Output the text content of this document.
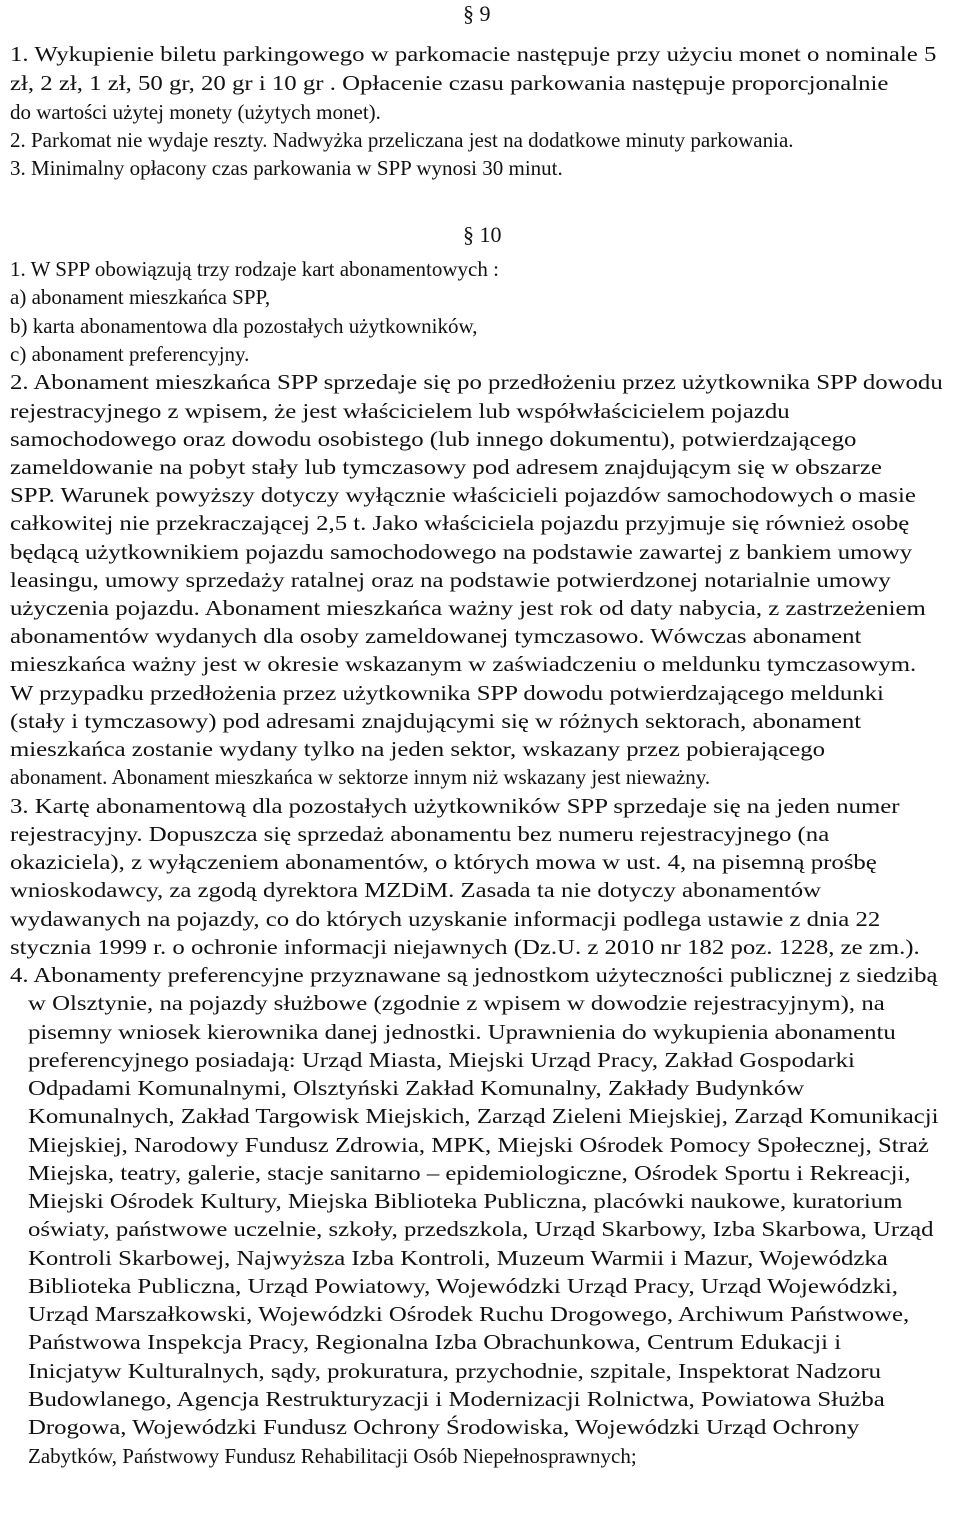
§ 9
§ 10
1. Wykupienie biletu parkingowego w parkomacie następuje przy użyciu monet o nominale 5
zł, 2 zł, 1 zł, 50 gr, 20 gr i 10 gr . Opłacenie czasu parkowania następuje proporcjonalnie
do wartości użytej monety (użytych monet).
2. Parkomat nie wydaje reszty. Nadwyżka przeliczana jest na dodatkowe minuty parkowania.
3. Minimalny opłacony czas parkowania w SPP wynosi 30 minut.
1. W SPP obowiązują trzy rodzaje kart abonamentowych :
a) abonament mieszkańca SPP,
b) karta abonamentowa dla pozostałych użytkowników,
c) abonament preferencyjny.
2. Abonament mieszkańca SPP sprzedaje się po przedłożeniu przez użytkownika SPP dowodu
rejestracyjnego z wpisem, że jest właścicielem lub współwłaścicielem pojazdu
samochodowego oraz dowodu osobistego (lub innego dokumentu), potwierdzającego
zameldowanie na pobyt stały lub tymczasowy pod adresem znajdującym się w obszarze
SPP. Warunek powyższy dotyczy wyłącznie właścicieli pojazdów samochodowych o masie
całkowitej nie przekraczającej 2,5 t. Jako właściciela pojazdu przyjmuje się również osobę
będącą użytkownikiem pojazdu samochodowego na podstawie zawartej z bankiem umowy
leasingu, umowy sprzedaży ratalnej oraz na podstawie potwierdzonej notarialnie umowy
użyczenia pojazdu. Abonament mieszkańca ważny jest rok od daty nabycia, z zastrzeżeniem
abonamentów wydanych dla osoby zameldowanej tymczasowo. Wówczas abonament
mieszkańca ważny jest w okresie wskazanym w zaświadczeniu o meldunku tymczasowym.
W przypadku przedłożenia przez użytkownika SPP dowodu potwierdzającego meldunki
(stały i tymczasowy) pod adresami znajdującymi się w różnych sektorach, abonament
mieszkańca zostanie wydany tylko na jeden sektor, wskazany przez pobierającego
abonament. Abonament mieszkańca w sektorze innym niż wskazany jest nieważny.
3. Kartę abonamentową dla pozostałych użytkowników SPP sprzedaje się na jeden numer
rejestracyjny. Dopuszcza się sprzedaż abonamentu bez numeru rejestracyjnego (na
okaziciela), z wyłączeniem abonamentów, o których mowa w ust. 4, na pisemną prośbę
wnioskodawcy, za zgodą dyrektora MZDiM. Zasada ta nie dotyczy abonamentów
wydawanych na pojazdy, co do których uzyskanie informacji podlega ustawie z dnia 22
stycznia 1999 r. o ochronie informacji niejawnych (Dz.U. z 2010 nr 182 poz. 1228, ze zm.).
4. Abonamenty preferencyjne przyznawane są jednostkom użyteczności publicznej z siedzibą
w Olsztynie, na pojazdy służbowe (zgodnie z wpisem w dowodzie rejestracyjnym), na
pisemny wniosek kierownika danej jednostki. Uprawnienia do wykupienia abonamentu
preferencyjnego posiadają: Urząd Miasta, Miejski Urząd Pracy, Zakład Gospodarki
Odpadami Komunalnymi, Olsztyński Zakład Komunalny, Zakłady Budynków
Komunalnych, Zakład Targowisk Miejskich, Zarząd Zieleni Miejskiej, Zarząd Komunikacji
Miejskiej, Narodowy Fundusz Zdrowia, MPK, Miejski Ośrodek Pomocy Społecznej, Straż
Miejska, teatry, galerie, stacje sanitarno – epidemiologiczne, Ośrodek Sportu i Rekreacji,
Miejski Ośrodek Kultury, Miejska Biblioteka Publiczna, placówki naukowe, kuratorium
oświaty, państwowe uczelnie, szkoły, przedszkola, Urząd Skarbowy, Izba Skarbowa, Urząd
Kontroli Skarbowej, Najwyższa Izba Kontroli, Muzeum Warmii i Mazur, Wojewódzka
Biblioteka Publiczna, Urząd Powiatowy, Wojewódzki Urząd Pracy, Urząd Wojewódzki,
Urząd Marszałkowski, Wojewódzki Ośrodek Ruchu Drogowego, Archiwum Państwowe,
Państwowa Inspekcja Pracy, Regionalna Izba Obrachunkowa, Centrum Edukacji i
Inicjatyw Kulturalnych, sądy, prokuratura, przychodnie, szpitale, Inspektorat Nadzoru
Budowlanego, Agencja Restrukturyzacji i Modernizacji Rolnictwa, Powiatowa Służba
Drogowa, Wojewódzki Fundusz Ochrony Środowiska, Wojewódzki Urząd Ochrony
Zabytków, Państwowy Fundusz Rehabilitacji Osób Niepełnosprawnych;
